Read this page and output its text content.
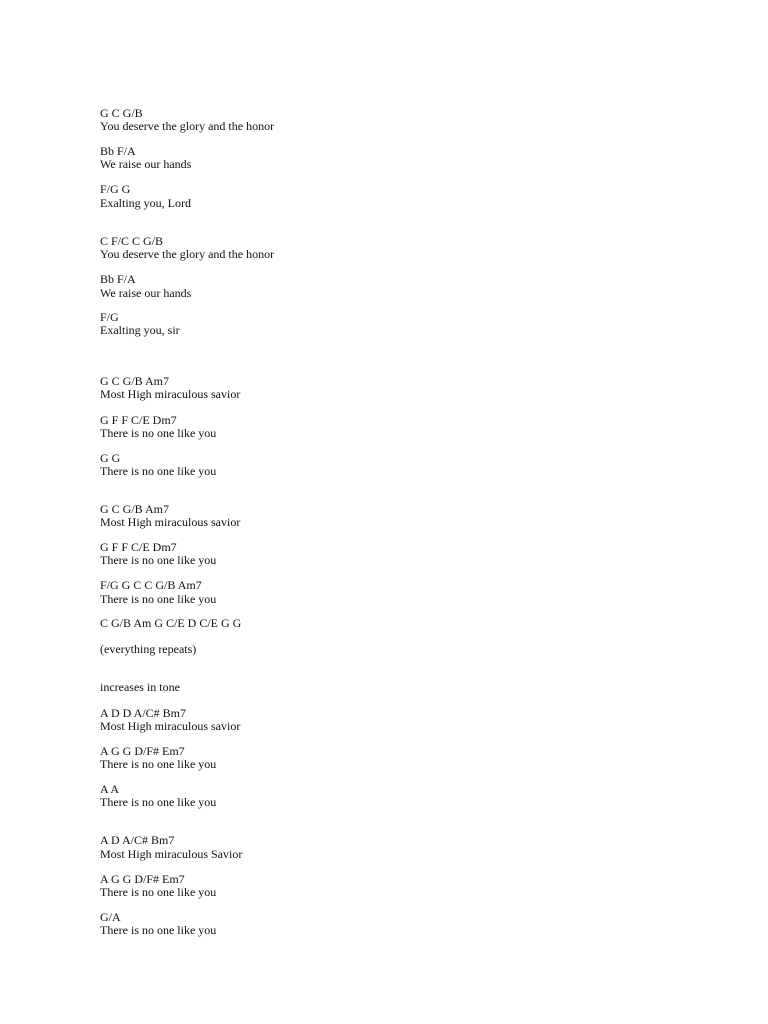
G C G/B
You deserve the glory and the honor
Bb F/A
We raise our hands
F/G G
Exalting you, Lord
C F/C C G/B
You deserve the glory and the honor
Bb F/A
We raise our hands
F/G
Exalting you, sir
G C G/B Am7
Most High miraculous savior
G F F C/E Dm7
There is no one like you
G G
There is no one like you
G C G/B Am7
Most High miraculous savior
G F F C/E Dm7
There is no one like you
F/G G C C G/B Am7
There is no one like you
C G/B Am G C/E D C/E G G
(everything repeats)
increases in tone
A D D A/C# Bm7
Most High miraculous savior
A G G D/F# Em7
There is no one like you
A A
There is no one like you
A D A/C# Bm7
Most High miraculous Savior
A G G D/F# Em7
There is no one like you
G/A
There is no one like you
